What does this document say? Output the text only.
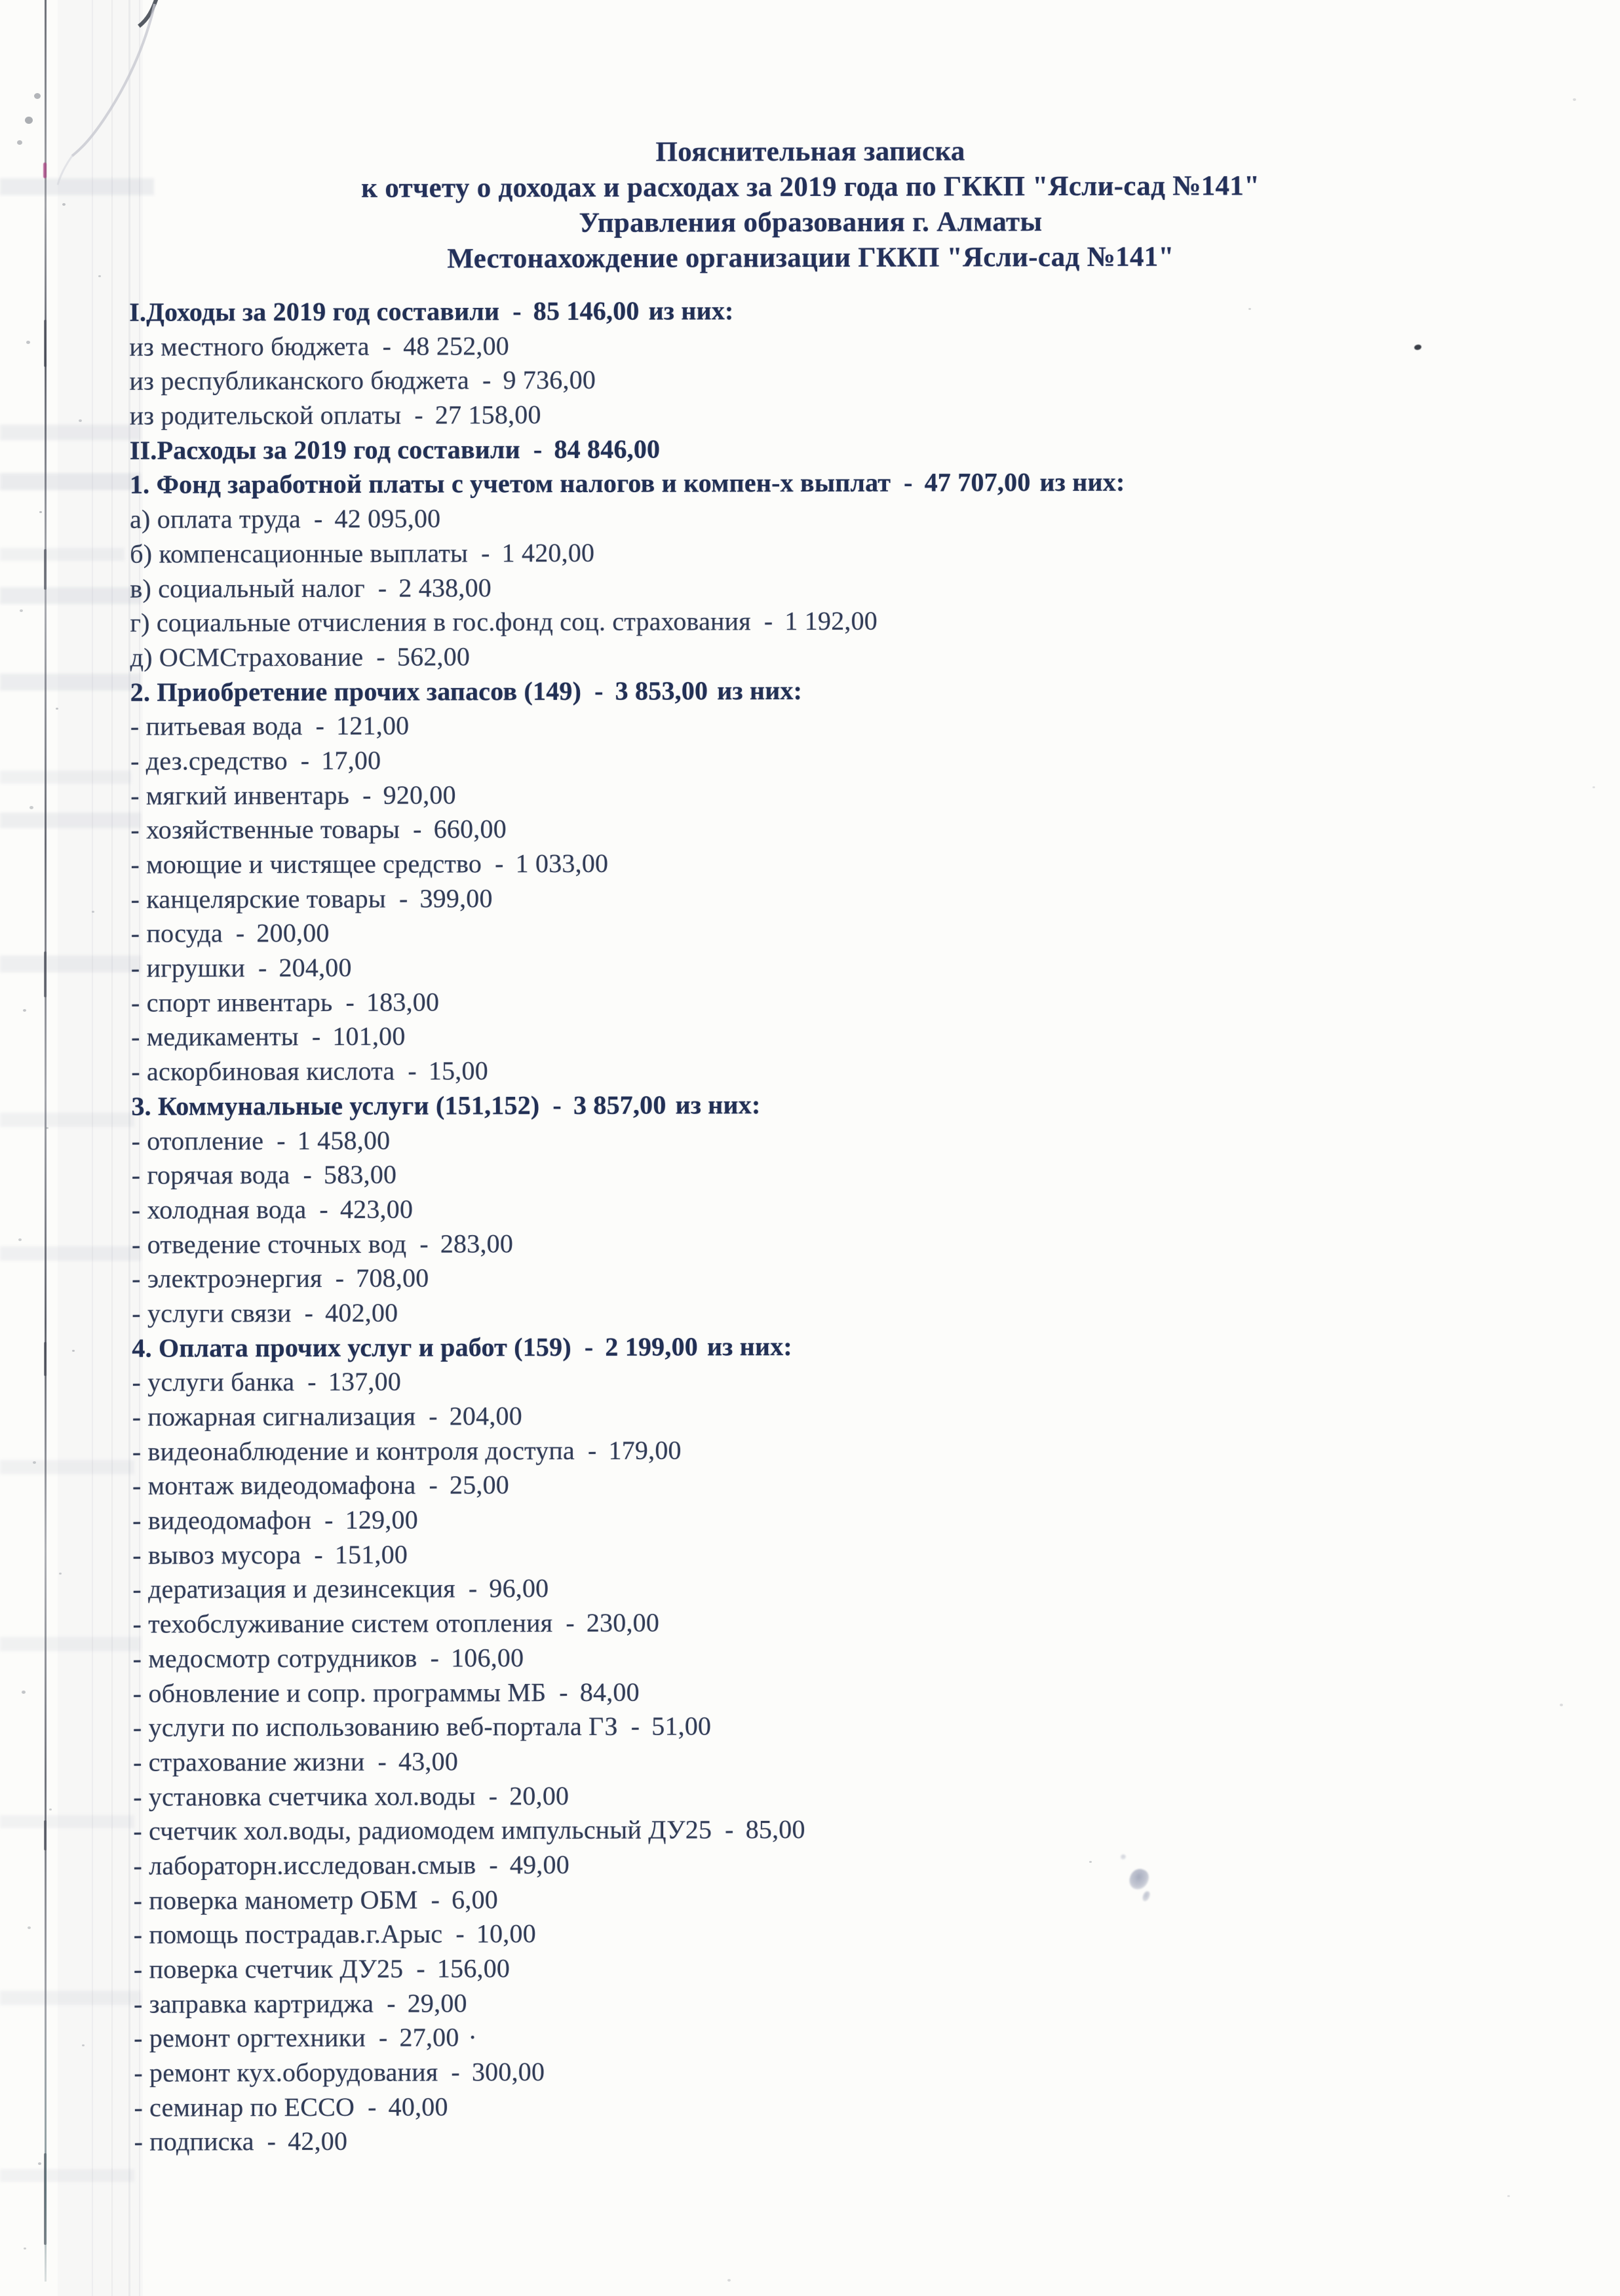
Пояснительная записка
к отчету о доходах и расходах за 2019 года по ГККП "Ясли-сад №141"
Управления образования г. Алматы
Местонахождение организации ГККП "Ясли-сад №141"
I.Доходы за 2019 год составили - 85 146,00 из них:
из местного бюджета - 48 252,00
из республиканского бюджета - 9 736,00
из родительской оплаты - 27 158,00
II.Расходы за 2019 год составили - 84 846,00
1. Фонд заработной платы с учетом налогов и компен-х выплат - 47 707,00 из них:
а) оплата труда - 42 095,00
б) компенсационные выплаты - 1 420,00
в) социальный налог - 2 438,00
г) социальные отчисления в гос.фонд соц. страхования - 1 192,00
д) ОСМСтрахование - 562,00
2. Приобретение прочих запасов (149) - 3 853,00 из них:
- питьевая вода - 121,00
- дез.средство - 17,00
- мягкий инвентарь - 920,00
- хозяйственные товары - 660,00
- моющие и чистящее средство - 1 033,00
- канцелярские товары - 399,00
- посуда - 200,00
- игрушки - 204,00
- спорт инвентарь - 183,00
- медикаменты - 101,00
- аскорбиновая кислота - 15,00
3. Коммунальные услуги (151,152) - 3 857,00 из них:
- отопление - 1 458,00
- горячая вода - 583,00
- холодная вода - 423,00
- отведение сточных вод - 283,00
- электроэнергия - 708,00
- услуги связи - 402,00
4. Оплата прочих услуг и работ (159) - 2 199,00 из них:
- услуги банка - 137,00
- пожарная сигнализация - 204,00
- видеонаблюдение и контроля доступа - 179,00
- монтаж видеодомафона - 25,00
- видеодомафон - 129,00
- вывоз мусора - 151,00
- дератизация и дезинсекция - 96,00
- техобслуживание систем отопления - 230,00
- медосмотр сотрудников - 106,00
- обновление и сопр. программы МБ - 84,00
- услуги по использованию веб-портала ГЗ - 51,00
- страхование жизни - 43,00
- установка счетчика хол.воды - 20,00
- счетчик хол.воды, радиомодем импульсный ДУ25 - 85,00
- лабораторн.исследован.смыв - 49,00
- поверка манометр ОБМ - 6,00
- помощь пострадав.г.Арыс - 10,00
- поверка счетчик ДУ25 - 156,00
- заправка картриджа - 29,00
- ремонт оргтехники - 27,00 ·
- ремонт кух.оборудования - 300,00
- семинар по ЕССО - 40,00
- подписка - 42,00
